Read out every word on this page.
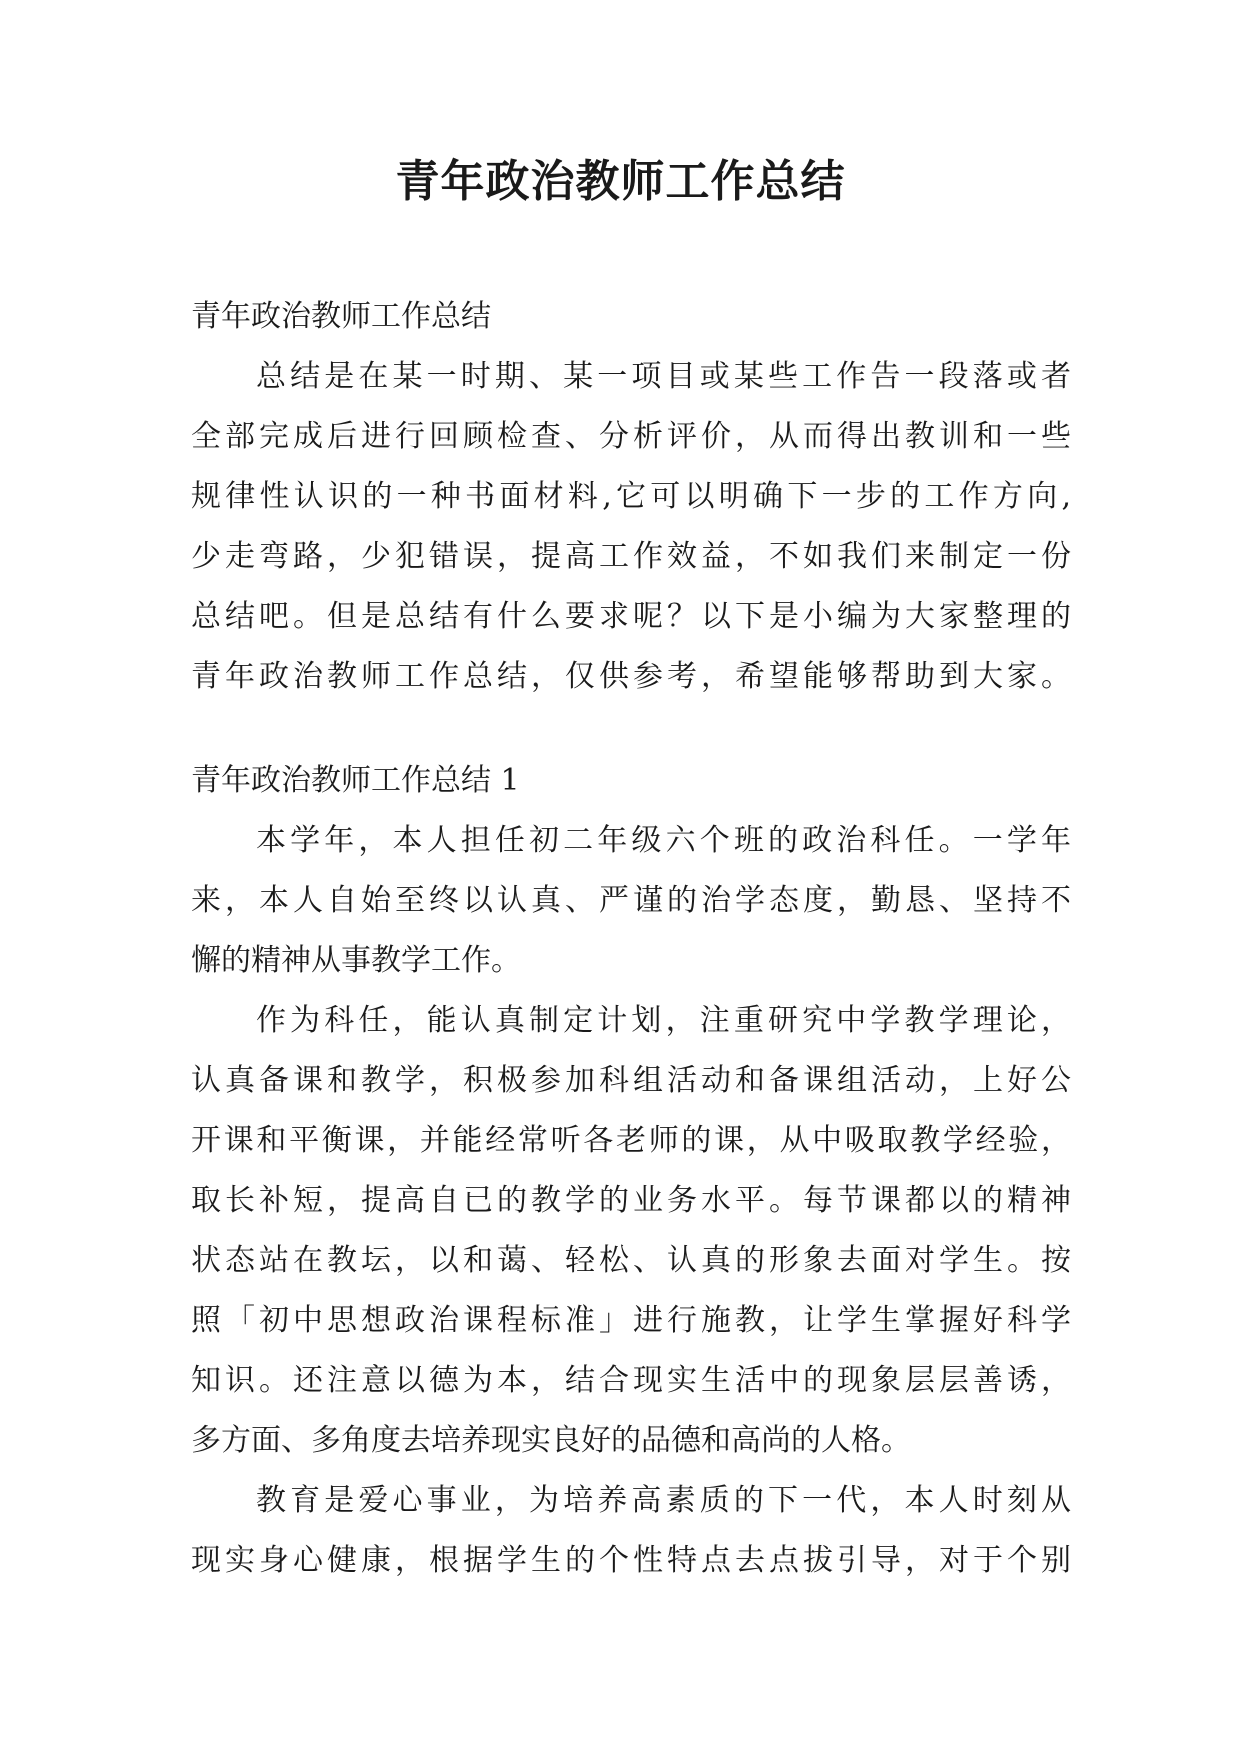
青年政治教师工作总结
青年政治教师工作总结

总结是在某一时期、某一项目或某些工作告一段落或者

全部完成后进行回顾检查、分析评价，从而得出教训和一些

规律性认识的一种书面材料,它可以明确下一步的工作方向,

少走弯路，少犯错误，提高工作效益，不如我们来制定一份

总结吧。但是总结有什么要求呢？以下是小编为大家整理的

青年政治教师工作总结，仅供参考，希望能够帮助到大家。

青年政治教师工作总结 1

本学年，本人担任初二年级六个班的政治科任。一学年

来，本人自始至终以认真、严谨的治学态度，勤恳、坚持不

懈的精神从事教学工作。

作为科任，能认真制定计划，注重研究中学教学理论，

认真备课和教学，积极参加科组活动和备课组活动，上好公

开课和平衡课，并能经常听各老师的课，从中吸取教学经验，

取长补短，提高自已的教学的业务水平。每节课都以的精神

状态站在教坛，以和蔼、轻松、认真的形象去面对学生。按

照「初中思想政治课程标准」进行施教，让学生掌握好科学

知识。还注意以德为本，结合现实生活中的现象层层善诱，

多方面、多角度去培养现实良好的品德和高尚的人格。

教育是爱心事业，为培养高素质的下一代，本人时刻从

现实身心健康，根据学生的个性特点去点拔引导，对于个别
